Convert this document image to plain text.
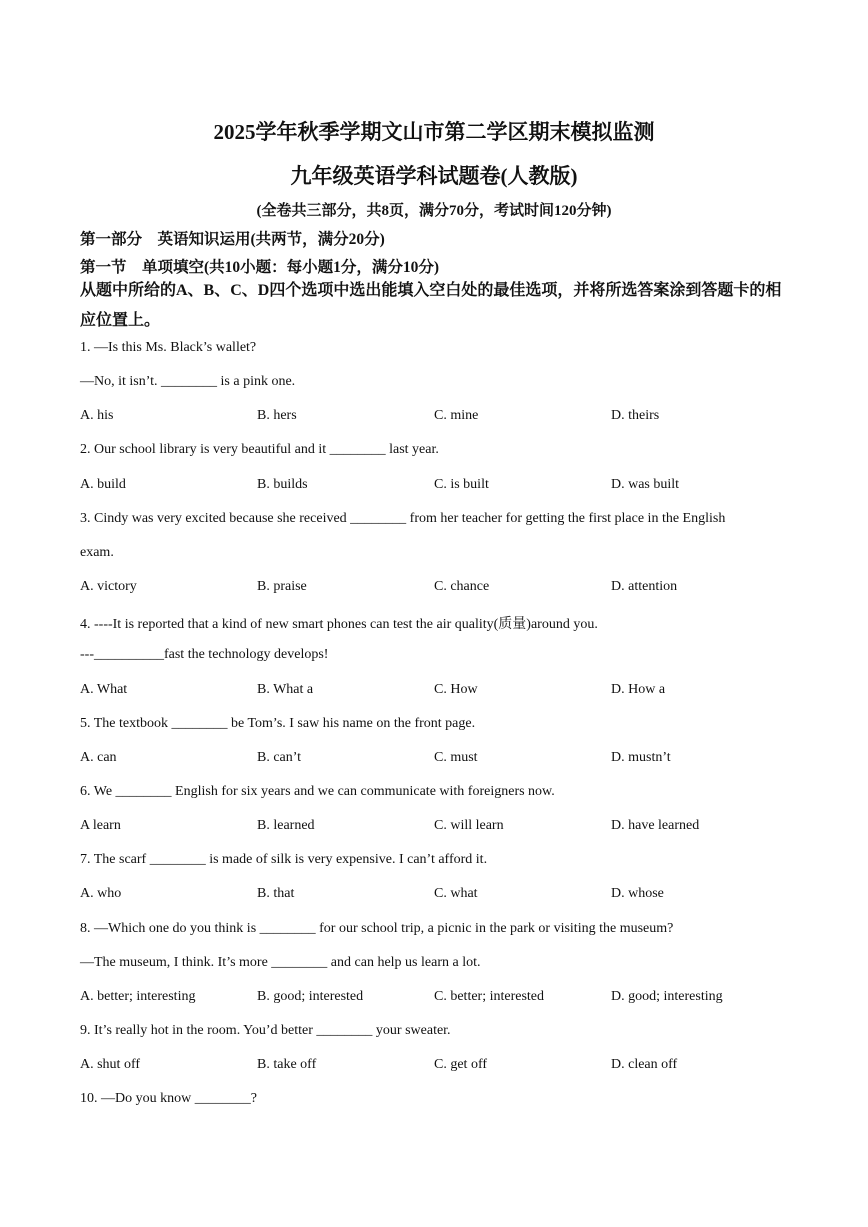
2025学年秋季学期文山市第二学区期末模拟监测
九年级英语学科试题卷(人教版)
(全卷共三部分，共8页，满分70分，考试时间120分钟)
第一部分　英语知识运用(共两节，满分20分)
第一节　单项填空(共10小题：每小题1分，满分10分)
从题中所给的A、B、C、D四个选项中选出能填入空白处的最佳选项，并将所选答案涂到答题卡的相应位置上。
1. —Is this Ms. Black’s wallet?
—No, it isn’t. ________ is a pink one.
A. his	B. hers	C. mine	D. theirs
2. Our school library is very beautiful and it ________ last year.
A. build	B. builds	C. is built	D. was built
3. Cindy was very excited because she received ________ from her teacher for getting the first place in the English
exam.
A. victory	B. praise	C. chance	D. attention
4. ----It is reported that a kind of new smart phones can test the air quality(质量)around you.
---__________fast the technology develops!
A. What	B. What a	C. How	D. How a
5. The textbook ________ be Tom’s. I saw his name on the front page.
A. can	B. can’t	C. must	D. mustn’t
6. We ________ English for six years and we can communicate with foreigners now.
A learn	B. learned	C. will learn	D. have learned
7. The scarf ________ is made of silk is very expensive. I can’t afford it.
A. who	B. that	C. what	D. whose
8. —Which one do you think is ________ for our school trip, a picnic in the park or visiting the museum?
—The museum, I think. It’s more ________ and can help us learn a lot.
A. better; interesting	B. good; interested	C. better; interested	D. good; interesting
9. It’s really hot in the room. You’d better ________ your sweater.
A. shut off	B. take off	C. get off	D. clean off
10. —Do you know ________?
